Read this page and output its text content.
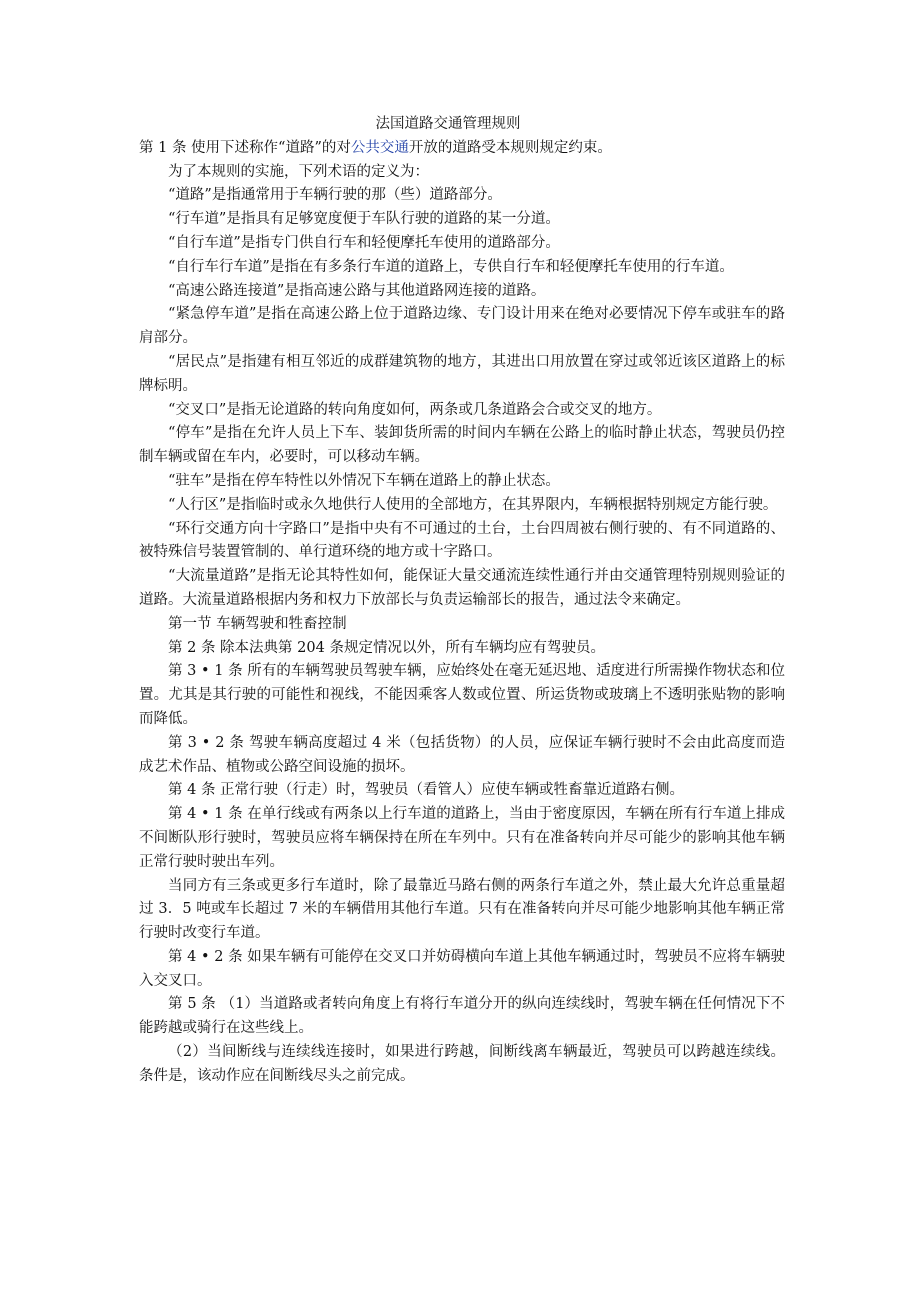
法国道路交通管理规则

第 1 条 使用下述称作“道路”的对公共交通开放的道路受本规则规定约束。

为了本规则的实施，下列术语的定义为：

“道路”是指通常用于车辆行驶的那（些）道路部分。

“行车道”是指具有足够宽度便于车队行驶的道路的某一分道。

“自行车道”是指专门供自行车和轻便摩托车使用的道路部分。

“自行车行车道”是指在有多条行车道的道路上，专供自行车和轻便摩托车使用的行车道。

“高速公路连接道”是指高速公路与其他道路网连接的道路。

“紧急停车道”是指在高速公路上位于道路边缘、专门设计用来在绝对必要情况下停车或驻车的路肩部分。

“居民点”是指建有相互邻近的成群建筑物的地方，其进出口用放置在穿过或邻近该区道路上的标牌标明。

“交叉口”是指无论道路的转向角度如何，两条或几条道路会合或交叉的地方。

“停车”是指在允许人员上下车、装卸货所需的时间内车辆在公路上的临时静止状态，驾驶员仍控制车辆或留在车内，必要时，可以移动车辆。

“驻车”是指在停车特性以外情况下车辆在道路上的静止状态。

“人行区”是指临时或永久地供行人使用的全部地方，在其界限内，车辆根据特别规定方能行驶。

“环行交通方向十字路口”是指中央有不可通过的土台，土台四周被右侧行驶的、有不同道路的、被特殊信号装置管制的、单行道环绕的地方或十字路口。

“大流量道路”是指无论其特性如何，能保证大量交通流连续性通行并由交通管理特别规则验证的道路。大流量道路根据内务和权力下放部长与负责运输部长的报告，通过法令来确定。

第一节 车辆驾驶和牲畜控制

第 2 条 除本法典第 204 条规定情况以外，所有车辆均应有驾驶员。

第 3 • 1 条 所有的车辆驾驶员驾驶车辆，应始终处在毫无延迟地、适度进行所需操作物状态和位置。尤其是其行驶的可能性和视线，不能因乘客人数或位置、所运货物或玻璃上不透明张贴物的影响而降低。

第 3 • 2 条 驾驶车辆高度超过 4 米（包括货物）的人员，应保证车辆行驶时不会由此高度而造成艺术作品、植物或公路空间设施的损坏。

第 4 条 正常行驶（行走）时，驾驶员（看管人）应使车辆或牲畜靠近道路右侧。

第 4 • 1 条 在单行线或有两条以上行车道的道路上，当由于密度原因，车辆在所有行车道上排成不间断队形行驶时，驾驶员应将车辆保持在所在车列中。只有在准备转向并尽可能少的影响其他车辆正常行驶时驶出车列。

当同方有三条或更多行车道时，除了最靠近马路右侧的两条行车道之外，禁止最大允许总重量超过 3．5 吨或车长超过 7 米的车辆借用其他行车道。只有在准备转向并尽可能少地影响其他车辆正常行驶时改变行车道。

第 4 • 2 条 如果车辆有可能停在交叉口并妨碍横向车道上其他车辆通过时，驾驶员不应将车辆驶入交叉口。

第 5 条 （1）当道路或者转向角度上有将行车道分开的纵向连续线时，驾驶车辆在任何情况下不能跨越或骑行在这些线上。

（2）当间断线与连续线连接时，如果进行跨越，间断线离车辆最近，驾驶员可以跨越连续线。条件是，该动作应在间断线尽头之前完成。
